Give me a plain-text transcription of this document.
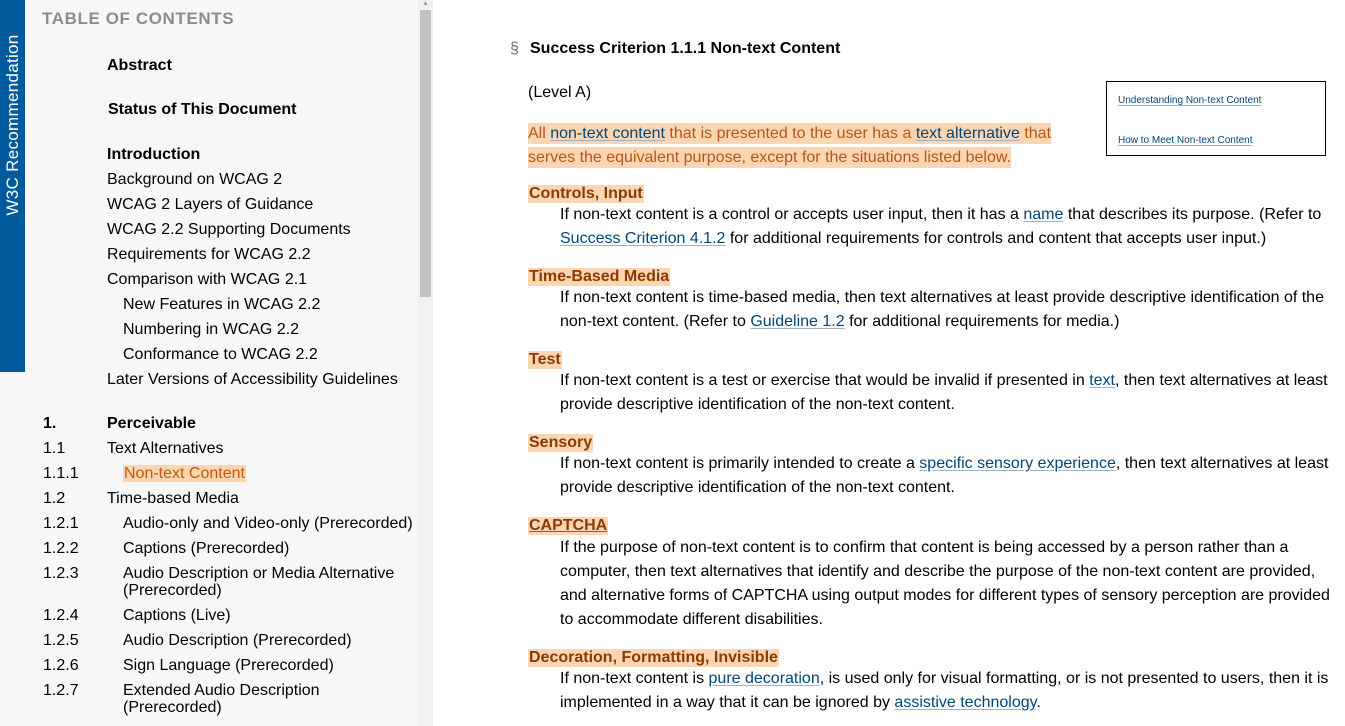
TABLE OF CONTENTS
Abstract
Status of This Document
Introduction
Background on WCAG 2
WCAG 2 Layers of Guidance
WCAG 2.2 Supporting Documents
Requirements for WCAG 2.2
Comparison with WCAG 2.1
New Features in WCAG 2.2
Numbering in WCAG 2.2
Conformance to WCAG 2.2
Later Versions of Accessibility Guidelines
1.	Perceivable
1.1	Text Alternatives
1.1.1	Non-text Content
1.2	Time-based Media
1.2.1	Audio-only and Video-only (Prerecorded)
1.2.2	Captions (Prerecorded)
1.2.3	Audio Description or Media Alternative (Prerecorded)
1.2.4	Captions (Live)
1.2.5	Audio Description (Prerecorded)
1.2.6	Sign Language (Prerecorded)
1.2.7	Extended Audio Description (Prerecorded)
W3C Recommendation
▲
§ Success Criterion 1.1.1 Non-text Content
(Level A)
All non-text content that is presented to the user has a text alternative that serves the equivalent purpose, except for the situations listed below.
Understanding Non-text Content
How to Meet Non-text Content
Controls, Input
If non-text content is a control or accepts user input, then it has a name that describes its purpose. (Refer to Success Criterion 4.1.2 for additional requirements for controls and content that accepts user input.)
Time-Based Media
If non-text content is time-based media, then text alternatives at least provide descriptive identification of the non-text content. (Refer to Guideline 1.2 for additional requirements for media.)
Test
If non-text content is a test or exercise that would be invalid if presented in text, then text alternatives at least provide descriptive identification of the non-text content.
Sensory
If non-text content is primarily intended to create a specific sensory experience, then text alternatives at least provide descriptive identification of the non-text content.
CAPTCHA
If the purpose of non-text content is to confirm that content is being accessed by a person rather than a computer, then text alternatives that identify and describe the purpose of the non-text content are provided, and alternative forms of CAPTCHA using output modes for different types of sensory perception are provided to accommodate different disabilities.
Decoration, Formatting, Invisible
If non-text content is pure decoration, is used only for visual formatting, or is not presented to users, then it is implemented in a way that it can be ignored by assistive technology.
